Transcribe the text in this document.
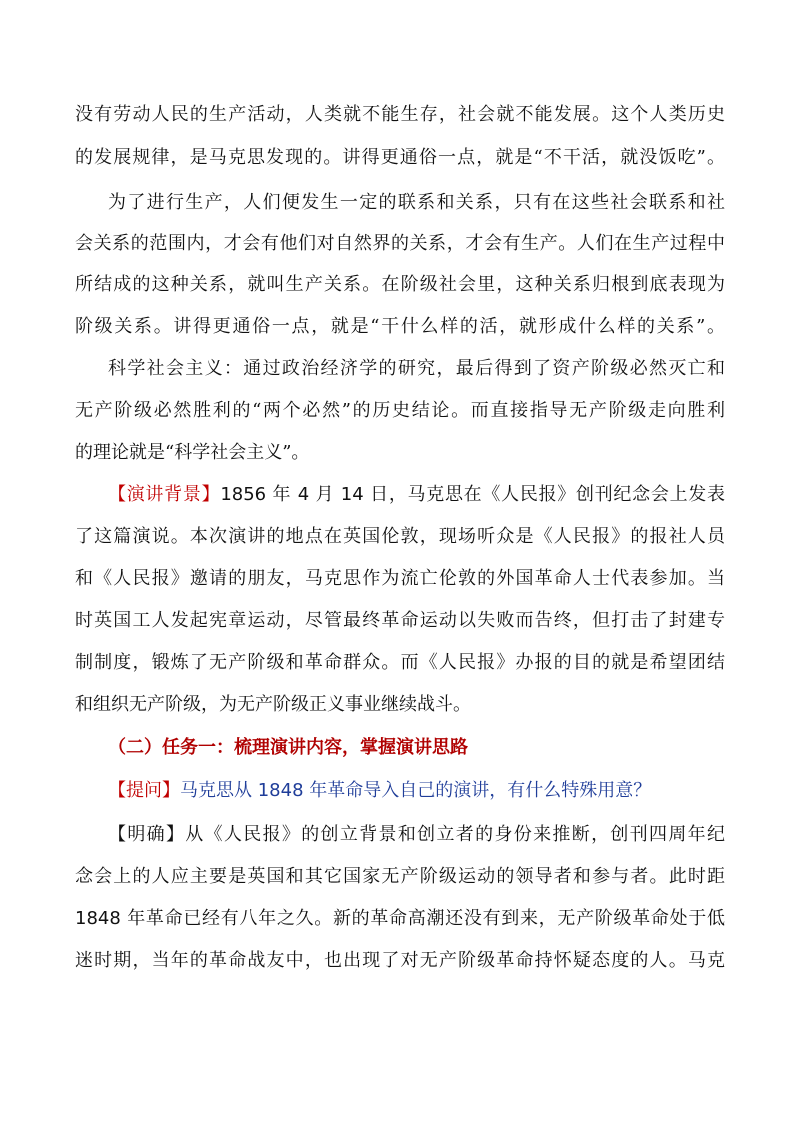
没有劳动人民的生产活动，人类就不能生存，社会就不能发展。这个人类历史
的发展规律，是马克思发现的。讲得更通俗一点，就是“不干活，就没饭吃”。
为了进行生产，人们便发生一定的联系和关系，只有在这些社会联系和社
会关系的范围内，才会有他们对自然界的关系，才会有生产。人们在生产过程中
所结成的这种关系，就叫生产关系。在阶级社会里，这种关系归根到底表现为
阶级关系。讲得更通俗一点，就是“干什么样的活，就形成什么样的关系”。
科学社会主义：通过政治经济学的研究，最后得到了资产阶级必然灭亡和
无产阶级必然胜利的“两个必然”的历史结论。而直接指导无产阶级走向胜利
的理论就是“科学社会主义”。
【演讲背景】1856 年 4 月 14 日，马克思在《人民报》创刊纪念会上发表
了这篇演说。本次演讲的地点在英国伦敦，现场听众是《人民报》的报社人员
和《人民报》邀请的朋友，马克思作为流亡伦敦的外国革命人士代表参加。当
时英国工人发起宪章运动，尽管最终革命运动以失败而告终，但打击了封建专
制制度，锻炼了无产阶级和革命群众。而《人民报》办报的目的就是希望团结
和组织无产阶级，为无产阶级正义事业继续战斗。
（二）任务一：梳理演讲内容，掌握演讲思路
【提问】马克思从 1848 年革命导入自己的演讲，有什么特殊用意？
【明确】从《人民报》的创立背景和创立者的身份来推断，创刊四周年纪
念会上的人应主要是英国和其它国家无产阶级运动的领导者和参与者。此时距
1848 年革命已经有八年之久。新的革命高潮还没有到来，无产阶级革命处于低
迷时期，当年的革命战友中，也出现了对无产阶级革命持怀疑态度的人。马克
